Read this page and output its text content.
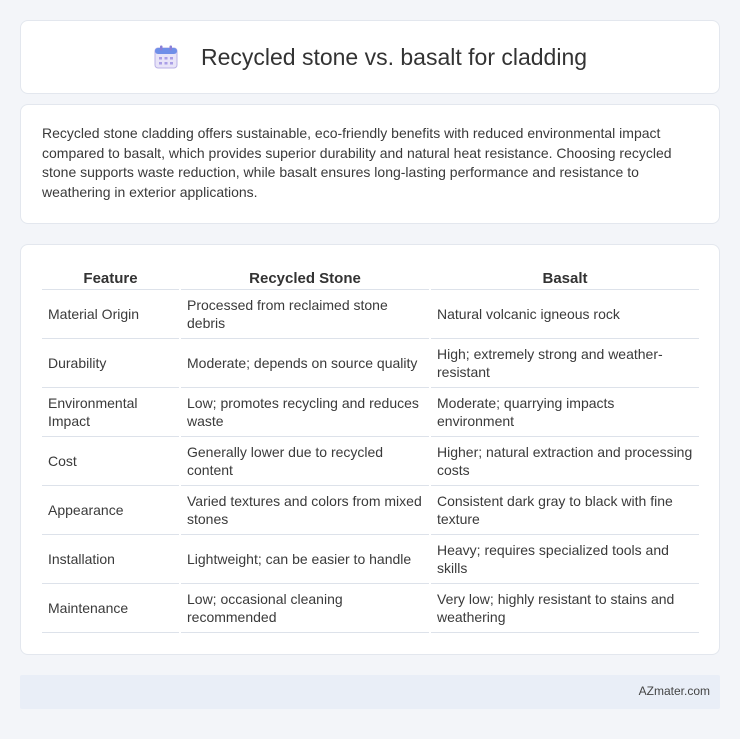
Recycled stone vs. basalt for cladding

Recycled stone cladding offers sustainable, eco-friendly benefits with reduced environmental impact compared to basalt, which provides superior durability and natural heat resistance. Choosing recycled stone supports waste reduction, while basalt ensures long-lasting performance and resistance to weathering in exterior applications.

Feature	Recycled Stone	Basalt
Material Origin	Processed from reclaimed stone debris	Natural volcanic igneous rock
Durability	Moderate; depends on source quality	High; extremely strong and weather-resistant
Environmental Impact	Low; promotes recycling and reduces waste	Moderate; quarrying impacts environment
Cost	Generally lower due to recycled content	Higher; natural extraction and processing costs
Appearance	Varied textures and colors from mixed stones	Consistent dark gray to black with fine texture
Installation	Lightweight; can be easier to handle	Heavy; requires specialized tools and skills
Maintenance	Low; occasional cleaning recommended	Very low; highly resistant to stains and weathering
AZmater.com
